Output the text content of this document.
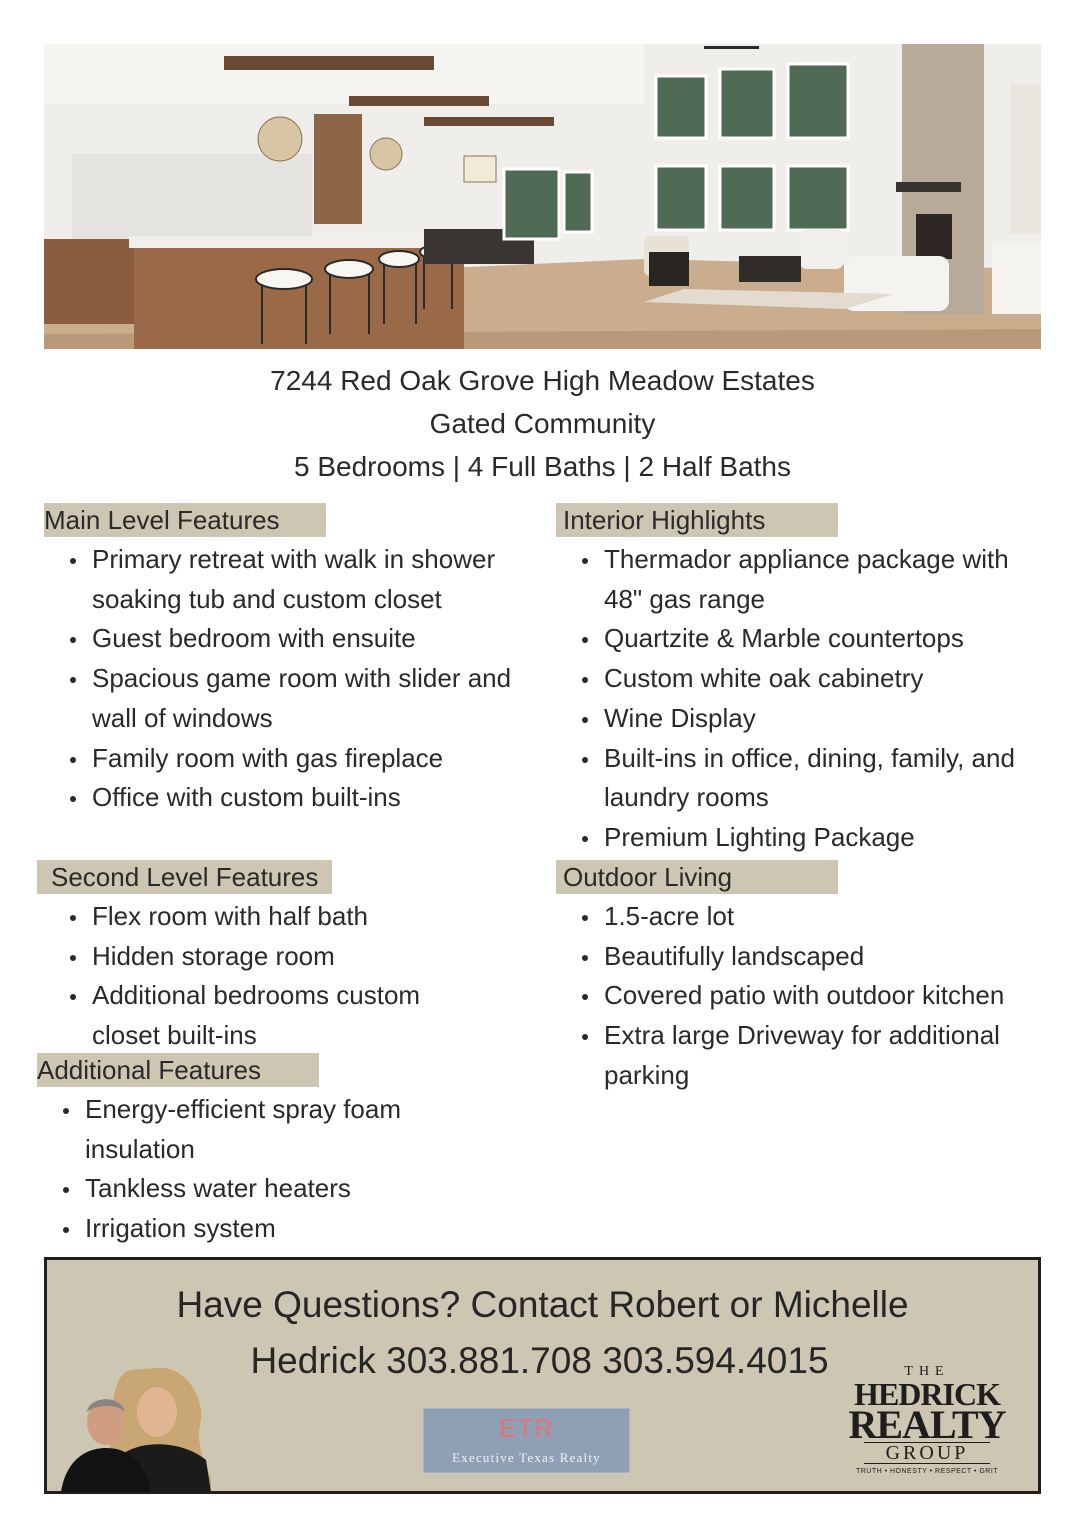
7244 Red Oak Grove High Meadow Estates
Gated Community
5 Bedrooms | 4 Full Baths | 2 Half Baths
Main Level Features
Primary retreat with walk in shower soaking tub and custom closet
Guest bedroom with ensuite
Spacious game room with slider and wall of windows
Family room with gas fireplace
Office with custom built-ins
Second Level Features
Flex room with half bath
Hidden storage room
Additional bedrooms custom closet built-ins
Additional Features
Energy-efficient spray foam insulation
Tankless water heaters
Irrigation system
Interior Highlights
Thermador appliance package with 48" gas range
Quartzite & Marble countertops
Custom white oak cabinetry
Wine Display
Built-ins in office, dining, family, and laundry rooms
Premium Lighting Package
Outdoor Living
1.5-acre lot
Beautifully landscaped
Covered patio with outdoor kitchen
Extra large Driveway for additional parking
Have Questions? Contact Robert or Michelle
Hedrick 303.881.708 303.594.4015
ETR
Executive Texas Realty
THE
HEDRICK
REALTY
GROUP
TRUTH • HONESTY • RESPECT • GRIT
